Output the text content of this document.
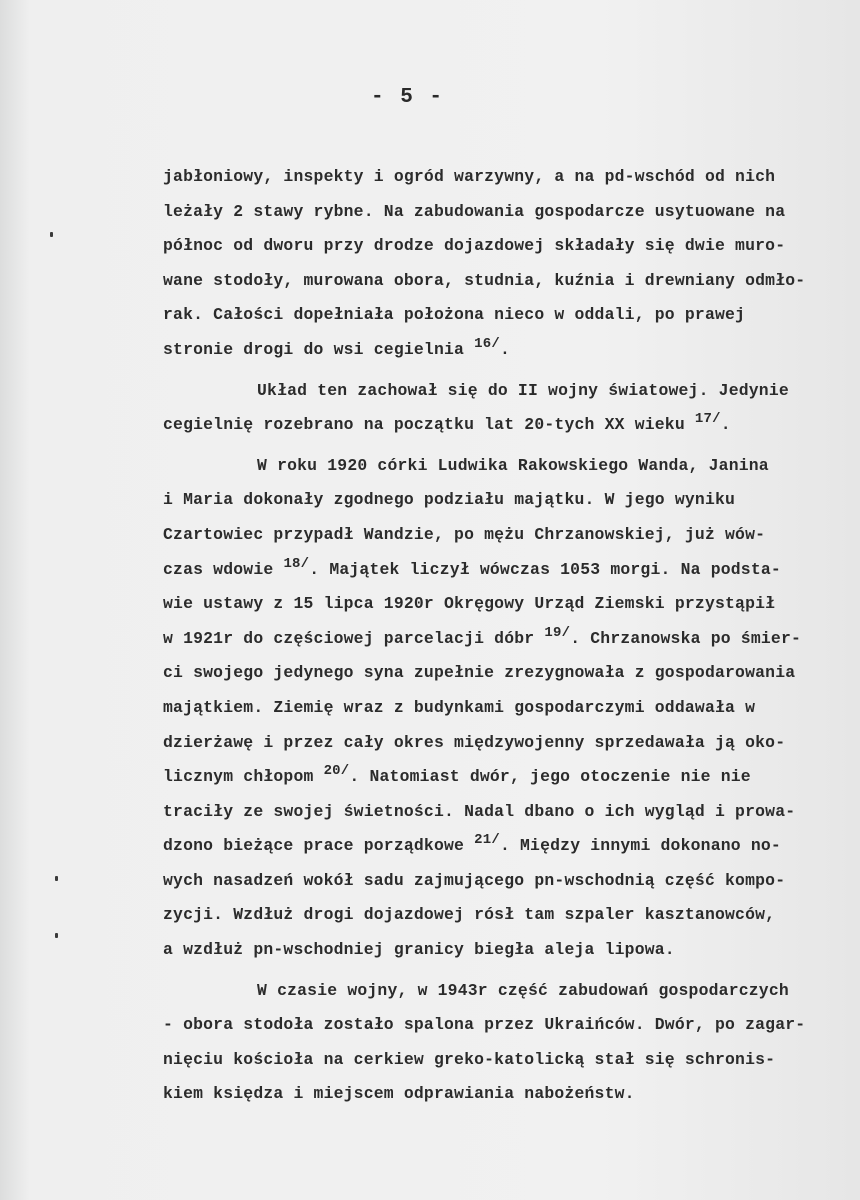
- 5 -
jabłoniowy, inspekty i ogród warzywny, a na pd-wschód od nich
leżały 2 stawy rybne. Na zabudowania gospodarcze usytuowane na
północ od dworu przy drodze dojazdowej składały się dwie muro-
wane stodoły, murowana obora, studnia, kuźnia i drewniany odmło-
rak. Całości dopełniała położona nieco w oddali, po prawej
stronie drogi do wsi cegielnia $^{16/}$.
Układ ten zachował się do II wojny światowej. Jedynie
cegielnię rozebrano na początku lat 20-tych XX wieku $^{17/}$.
W roku 1920 córki Ludwika Rakowskiego Wanda, Janina
i Maria dokonały zgodnego podziału majątku. W jego wyniku
Czartowiec przypadł Wandzie, po mężu Chrzanowskiej, już wów-
czas wdowie $^{18/}$. Majątek liczył wówczas 1053 morgi. Na podsta-
wie ustawy z 15 lipca 1920r Okręgowy Urząd Ziemski przystąpił
w 1921r do częściowej parcelacji dóbr $^{19/}$. Chrzanowska po śmier-
ci swojego jedynego syna zupełnie zrezygnowała z gospodarowania
majątkiem. Ziemię wraz z budynkami gospodarczymi oddawała w
dzierżawę i przez cały okres międzywojenny sprzedawała ją oko-
licznym chłopom $^{20/}$. Natomiast dwór, jego otoczenie nie nie
traciły ze swojej świetności. Nadal dbano o ich wygląd i prowa-
dzono bieżące prace porządkowe $^{21/}$. Między innymi dokonano no-
wych nasadzeń wokół sadu zajmującego pn-wschodnią część kompo-
zycji. Wzdłuż drogi dojazdowej rósł tam szpaler kasztanowców,
a wzdłuż pn-wschodniej granicy biegła aleja lipowa.
W czasie wojny, w 1943r część zabudowań gospodarczych
- obora stodoła zostało spalona przez Ukraińców. Dwór, po zagar-
nięciu kościoła na cerkiew greko-katolicką stał się schronis-
kiem księdza i miejscem odprawiania nabożeństw.
